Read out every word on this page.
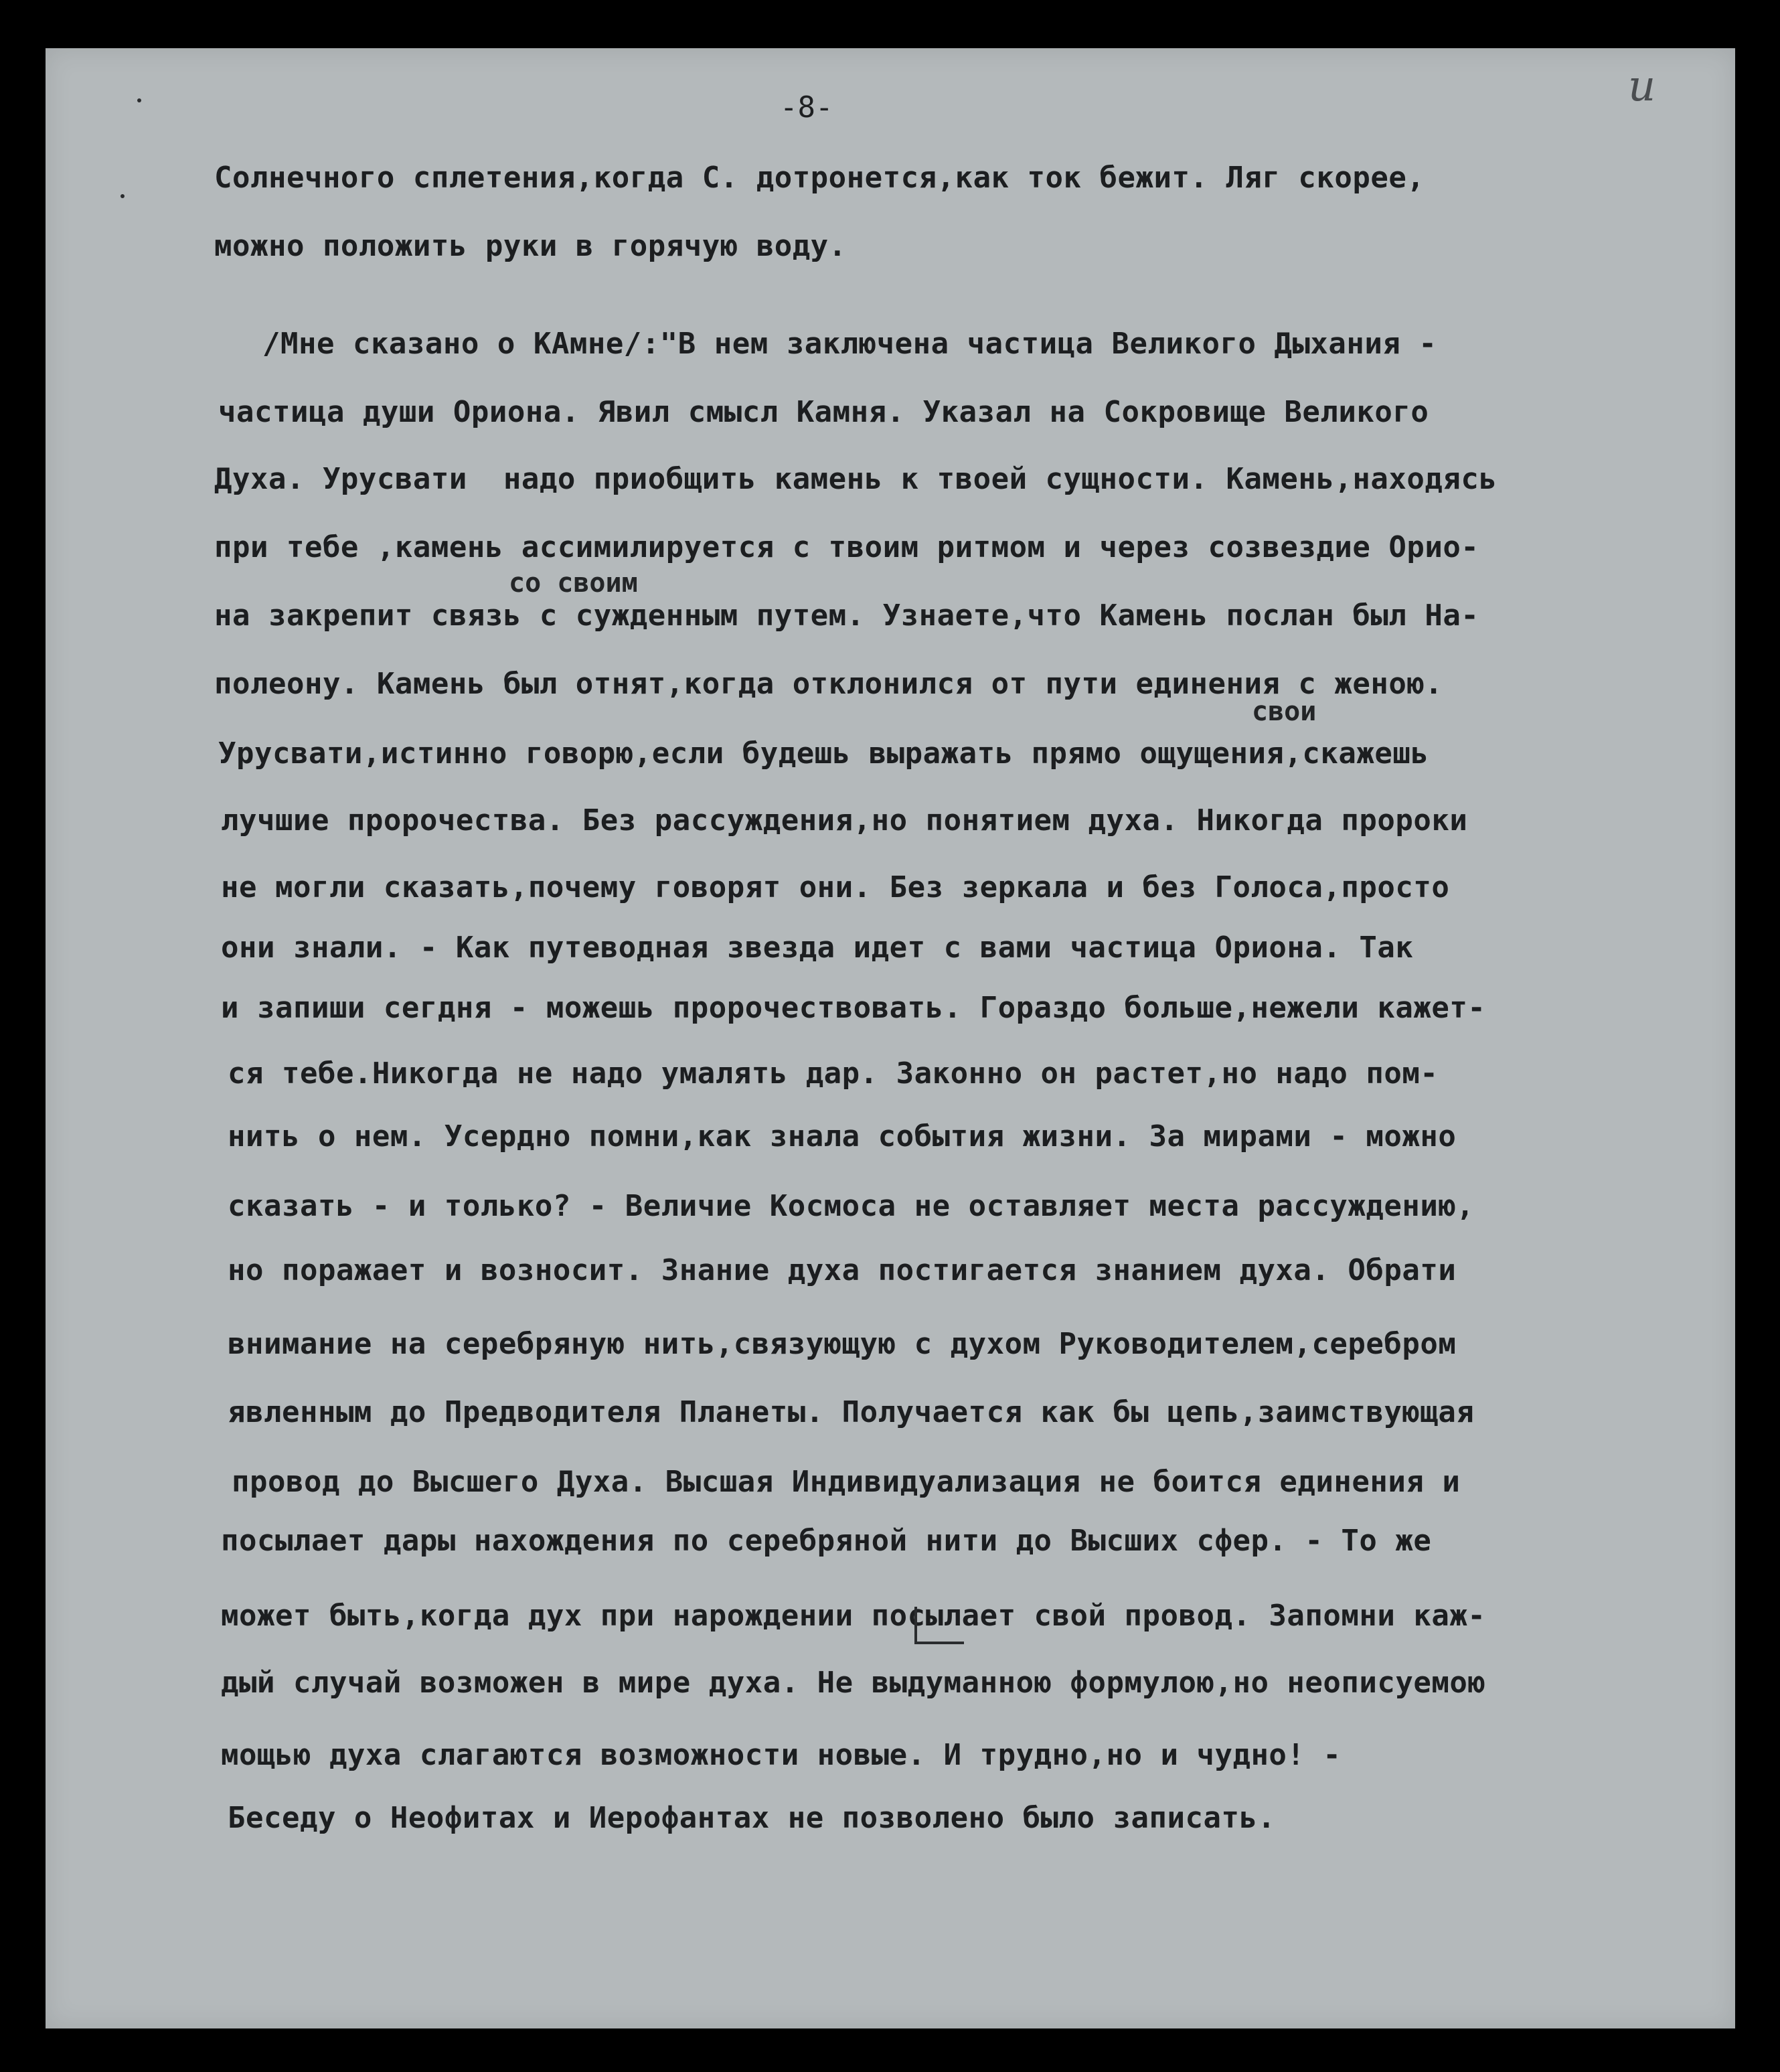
и
-8-
Солнечного сплетения,когда С. дотронется,как ток бежит. Ляг скорее,
можно положить руки в горячую воду.
/Мне сказано о КАмне/:"В нем заключена частица Великого Дыхания -
частица души Ориона. Явил смысл Камня. Указал на Сокровище Великого
Духа. Урусвати  надо приобщить камень к твоей сущности. Камень,находясь
при тебе ,камень ассимилируется с твоим ритмом и через созвездие Орио-
со своим
на закрепит связь с сужденным путем. Узнаете,что Камень послан был На-
полеону. Камень был отнят,когда отклонился от пути единения с женою.
свои
Урусвати,истинно говорю,если будешь выражать прямо ощущения,скажешь
лучшие пророчества. Без рассуждения,но понятием духа. Никогда пророки
не могли сказать,почему говорят они. Без зеркала и без Голоса,просто
они знали. - Как путеводная звезда идет с вами частица Ориона. Так
и запиши сегдня - можешь пророчествовать. Гораздо больше,нежели кажет-
ся тебе.Никогда не надо умалять дар. Законно он растет,но надо пом-
нить о нем. Усердно помни,как знала события жизни. За мирами - можно
сказать - и только? - Величие Космоса не оставляет места рассуждению,
но поражает и возносит. Знание духа постигается знанием духа. Обрати
внимание на серебряную нить,связующую с духом Руководителем,серебром
явленным до Предводителя Планеты. Получается как бы цепь,заимствующая
провод до Высшего Духа. Высшая Индивидуализация не боится единения и
посылает дары нахождения по серебряной нити до Высших сфер. - То же
может быть,когда дух при нарождении посылает свой провод. Запомни каж-
дый случай возможен в мире духа. Не выдуманною формулою,но неописуемою
мощью духа слагаются возможности новые. И трудно,но и чудно! -
Беседу о Неофитах и Иерофантах не позволено было записать.
